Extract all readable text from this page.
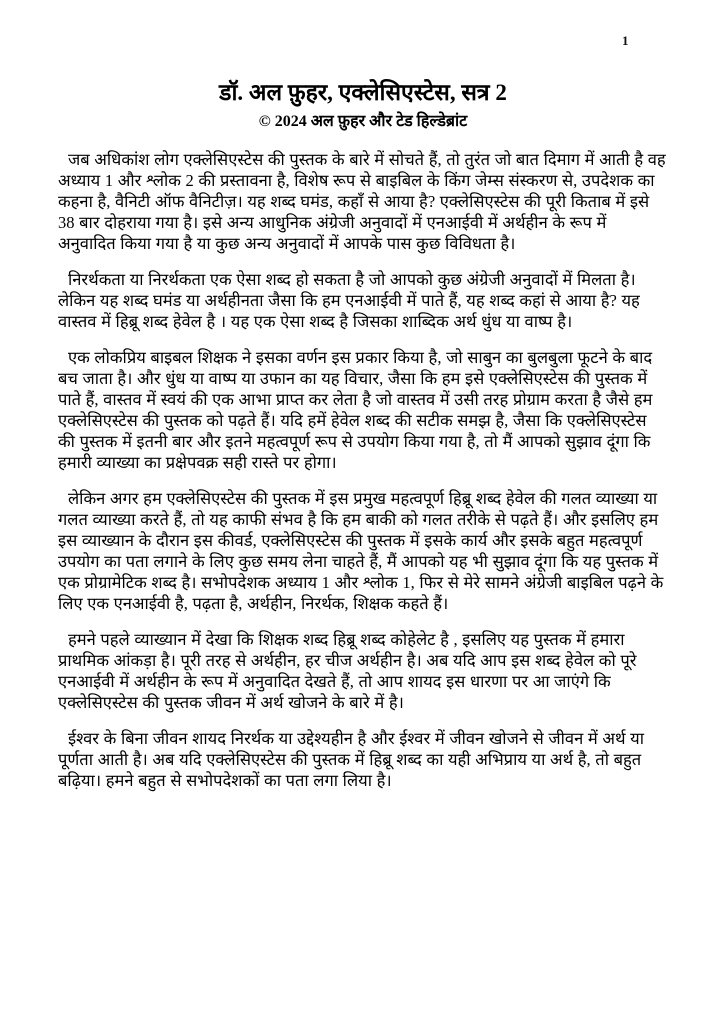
1
डॉ. अल फ़ुहर, एक्लेसिएस्टेस, सत्र 2
© 2024 अल फ़ुहर और टेड हिल्डेब्रांट

जब अधिकांश लोग एक्लेसिएस्टेस की पुस्तक के बारे में सोचते हैं, तो तुरंत जो बात दिमाग में आती है वह अध्याय 1 और श्लोक 2 की प्रस्तावना है, विशेष रूप से बाइबिल के किंग जेम्स संस्करण से, उपदेशक का कहना है, वैनिटी ऑफ वैनिटीज़। यह शब्द घमंड, कहाँ से आया है? एक्लेसिएस्टेस की पूरी किताब में इसे 38 बार दोहराया गया है। इसे अन्य आधुनिक अंग्रेजी अनुवादों में एनआईवी में अर्थहीन के रूप में अनुवादित किया गया है या कुछ अन्य अनुवादों में आपके पास कुछ विविधता है।

निरर्थकता या निरर्थकता एक ऐसा शब्द हो सकता है जो आपको कुछ अंग्रेजी अनुवादों में मिलता है। लेकिन यह शब्द घमंड या अर्थहीनता जैसा कि हम एनआईवी में पाते हैं, यह शब्द कहां से आया है? यह वास्तव में हिब्रू शब्द हेवेल है । यह एक ऐसा शब्द है जिसका शाब्दिक अर्थ धुंध या वाष्प है।

एक लोकप्रिय बाइबल शिक्षक ने इसका वर्णन इस प्रकार किया है, जो साबुन का बुलबुला फूटने के बाद बच जाता है। और धुंध या वाष्प या उफान का यह विचार, जैसा कि हम इसे एक्लेसिएस्टेस की पुस्तक में पाते हैं, वास्तव में स्वयं की एक आभा प्राप्त कर लेता है जो वास्तव में उसी तरह प्रोग्राम करता है जैसे हम एक्लेसिएस्टेस की पुस्तक को पढ़ते हैं। यदि हमें हेवेल शब्द की सटीक समझ है, जैसा कि एक्लेसिएस्टेस की पुस्तक में इतनी बार और इतने महत्वपूर्ण रूप से उपयोग किया गया है, तो मैं आपको सुझाव दूंगा कि हमारी व्याख्या का प्रक्षेपवक्र सही रास्ते पर होगा।

लेकिन अगर हम एक्लेसिएस्टेस की पुस्तक में इस प्रमुख महत्वपूर्ण हिब्रू शब्द हेवेल की गलत व्याख्या या गलत व्याख्या करते हैं, तो यह काफी संभव है कि हम बाकी को गलत तरीके से पढ़ते हैं। और इसलिए हम इस व्याख्यान के दौरान इस कीवर्ड, एक्लेसिएस्टेस की पुस्तक में इसके कार्य और इसके बहुत महत्वपूर्ण उपयोग का पता लगाने के लिए कुछ समय लेना चाहते हैं, मैं आपको यह भी सुझाव दूंगा कि यह पुस्तक में एक प्रोग्रामेटिक शब्द है। सभोपदेशक अध्याय 1 और श्लोक 1, फिर से मेरे सामने अंग्रेजी बाइबिल पढ़ने के लिए एक एनआईवी है, पढ़ता है, अर्थहीन, निरर्थक, शिक्षक कहते हैं।

हमने पहले व्याख्यान में देखा कि शिक्षक शब्द हिब्रू शब्द कोहेलेट है , इसलिए यह पुस्तक में हमारा प्राथमिक आंकड़ा है। पूरी तरह से अर्थहीन, हर चीज अर्थहीन है। अब यदि आप इस शब्द हेवेल को पूरे एनआईवी में अर्थहीन के रूप में अनुवादित देखते हैं, तो आप शायद इस धारणा पर आ जाएंगे कि एक्लेसिएस्टेस की पुस्तक जीवन में अर्थ खोजने के बारे में है।

ईश्वर के बिना जीवन शायद निरर्थक या उद्देश्यहीन है और ईश्वर में जीवन खोजने से जीवन में अर्थ या पूर्णता आती है। अब यदि एक्लेसिएस्टेस की पुस्तक में हिब्रू शब्द का यही अभिप्राय या अर्थ है, तो बहुत बढ़िया। हमने बहुत से सभोपदेशकों का पता लगा लिया है।
